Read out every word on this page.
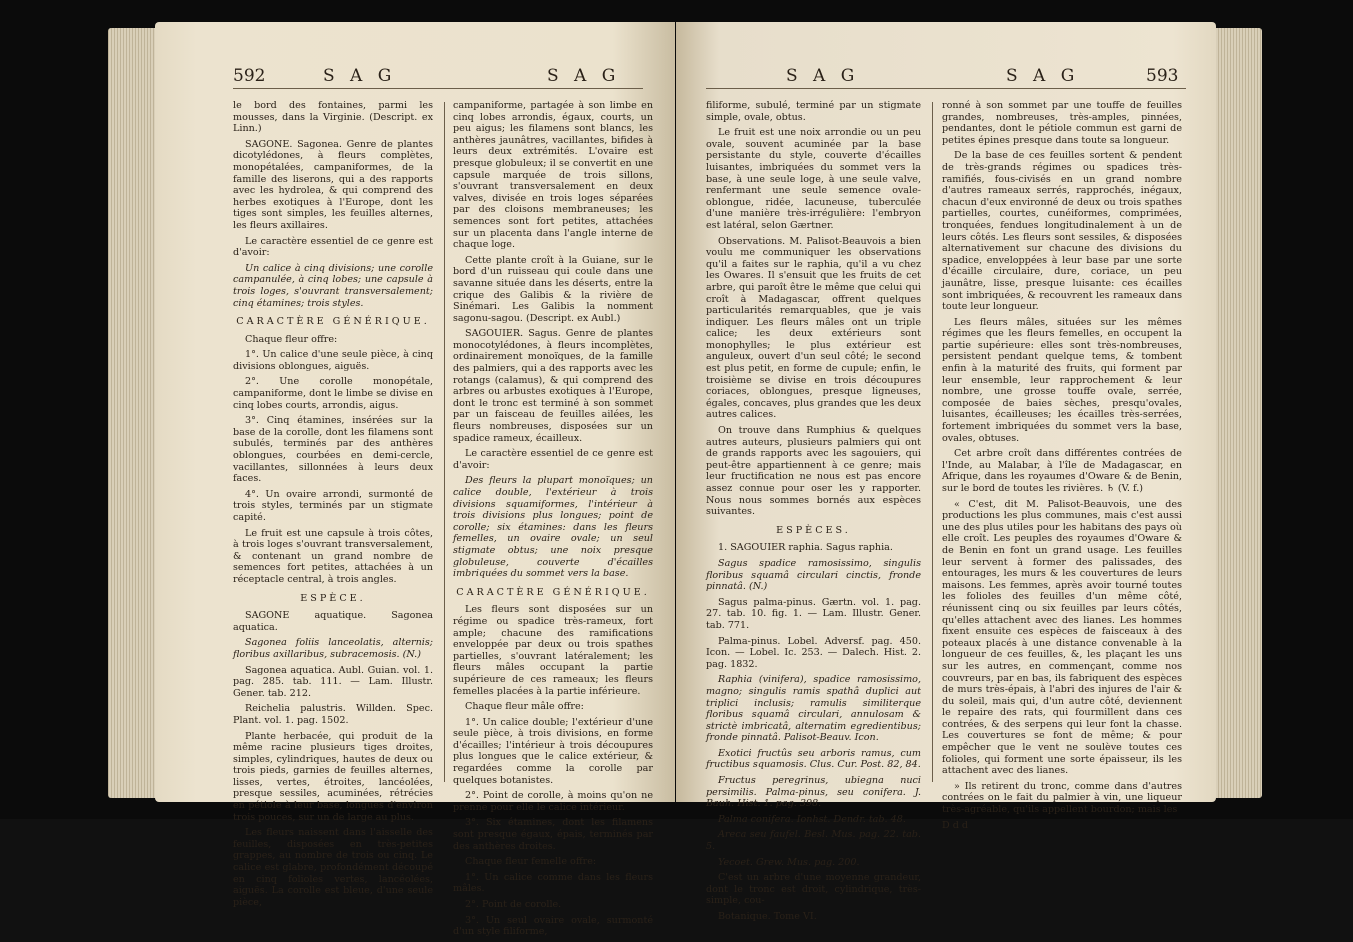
592	S A G	S A G

le bord des fontaines, parmi les mousses, dans la Virginie. (Descript. ex Linn.)

SAGONE. Sagonea. Genre de plantes dicotylédones, à fleurs complètes, monopétalées, campaniformes, de la famille des liserons, qui a des rapports avec les hydrolea, & qui comprend des herbes exotiques à l'Europe, dont les tiges sont simples, les feuilles alternes, les fleurs axillaires.

Le caractère essentiel de ce genre est d'avoir:

Un calice à cinq divisions; une corolle campanulée, à cinq lobes; une capsule à trois loges, s'ouvrant transversalement; cinq étamines; trois styles.

CARACTÈRE GÉNÉRIQUE.

Chaque fleur offre:

1°. Un calice d'une seule pièce, à cinq divisions oblongues, aiguës.

2°. Une corolle monopétale, campaniforme, dont le limbe se divise en cinq lobes courts, arrondis, aigus.

3°. Cinq étamines, insérées sur la base de la corolle, dont les filamens sont subulés, terminés par des anthères oblongues, courbées en demi-cercle, vacillantes, sillonnées à leurs deux faces.

4°. Un ovaire arrondi, surmonté de trois styles, terminés par un stigmate capité.

Le fruit est une capsule à trois côtes, à trois loges s'ouvrant transversalement, & contenant un grand nombre de semences fort petites, attachées à un réceptacle central, à trois angles.

ESPÈCE.

SAGONE aquatique. Sagonea aquatica.

Sagonea foliis lanceolatis, alternis; floribus axillaribus, subracemosis. (N.)

Sagonea aquatica. Aubl. Guian. vol. 1. pag. 285. tab. 111. — Lam. Illustr. Gener. tab. 212.

Reichelia palustris. Willden. Spec. Plant. vol. 1. pag. 1502.

Plante herbacée, qui produit de la même racine plusieurs tiges droites, simples, cylindriques, hautes de deux ou trois pieds, garnies de feuilles alternes, lisses, vertes, étroites, lancéolées, presque sessiles, acuminées, rétrécies en pétiole à leur base, longues d'environ trois pouces, sur un de large au plus.

Les fleurs naissent dans l'aisselle des feuilles, disposées en très-petites grappes, au nombre de trois ou cinq. Le calice est glabre, profondément découpé en cinq folioles vertes, lancéolées, aiguës. La corolle est bleue, d'une seule pièce,

campaniforme, partagée à son limbe en cinq lobes arrondis, égaux, courts, un peu aigus; les filamens sont blancs, les anthères jaunâtres, vacillantes, bifides à leurs deux extrémités. L'ovaire est presque globuleux; il se convertit en une capsule marquée de trois sillons, s'ouvrant transversalement en deux valves, divisée en trois loges séparées par des cloisons membraneuses; les semences sont fort petites, attachées sur un placenta dans l'angle interne de chaque loge.

Cette plante croît à la Guiane, sur le bord d'un ruisseau qui coule dans une savanne située dans les déserts, entre la crique des Galibis & la rivière de Sinémari. Les Galibis la nomment sagonu-sagou. (Descript. ex Aubl.)

SAGOUIER. Sagus. Genre de plantes monocotylédones, à fleurs incomplètes, ordinairement monoïques, de la famille des palmiers, qui a des rapports avec les rotangs (calamus), & qui comprend des arbres ou arbustes exotiques à l'Europe, dont le tronc est terminé à son sommet par un faisceau de feuilles ailées, les fleurs nombreuses, disposées sur un spadice rameux, écailleux.

Le caractère essentiel de ce genre est d'avoir:

Des fleurs la plupart monoïques; un calice double, l'extérieur à trois divisions squamiformes, l'intérieur à trois divisions plus longues; point de corolle; six étamines: dans les fleurs femelles, un ovaire ovale; un seul stigmate obtus; une noix presque globuleuse, couverte d'écailles imbriquées du sommet vers la base.

CARACTÈRE GÉNÉRIQUE.

Les fleurs sont disposées sur un régime ou spadice très-rameux, fort ample; chacune des ramifications enveloppée par deux ou trois spathes partielles, s'ouvrant latéralement; les fleurs mâles occupant la partie supérieure de ces rameaux; les fleurs femelles placées à la partie inférieure.

Chaque fleur mâle offre:

1°. Un calice double; l'extérieur d'une seule pièce, à trois divisions, en forme d'écailles; l'intérieur à trois découpures plus longues que le calice extérieur, & regardées comme la corolle par quelques botanistes.

2°. Point de corolle, à moins qu'on ne prenne pour elle le calice intérieur.

3°. Six étamines, dont les filamens sont presque égaux, épais, terminés par des anthères droites.

Chaque fleur femelle offre:

1°. Un calice comme dans les fleurs mâles.

2°. Point de corolle.

3°. Un seul ovaire ovale, surmonté d'un style filiforme,

S A G	S A G	593

filiforme, subulé, terminé par un stigmate simple, ovale, obtus.

Le fruit est une noix arrondie ou un peu ovale, souvent acuminée par la base persistante du style, couverte d'écailles luisantes, imbriquées du sommet vers la base, à une seule loge, à une seule valve, renfermant une seule semence ovale-oblongue, ridée, lacuneuse, tuberculée d'une manière très-irrégulière: l'embryon est latéral, selon Gærtner.

Observations. M. Palisot-Beauvois a bien voulu me communiquer les observations qu'il a faites sur le raphia, qu'il a vu chez les Owares. Il s'ensuit que les fruits de cet arbre, qui paroît être le même que celui qui croît à Madagascar, offrent quelques particularités remarquables, que je vais indiquer. Les fleurs mâles ont un triple calice; les deux extérieurs sont monophylles; le plus extérieur est anguleux, ouvert d'un seul côté; le second est plus petit, en forme de cupule; enfin, le troisième se divise en trois découpures coriaces, oblongues, presque ligneuses, égales, concaves, plus grandes que les deux autres calices.

On trouve dans Rumphius & quelques autres auteurs, plusieurs palmiers qui ont de grands rapports avec les sagouiers, qui peut-être appartiennent à ce genre; mais leur fructification ne nous est pas encore assez connue pour oser les y rapporter. Nous nous sommes bornés aux espèces suivantes.

ESPÈCES.

1. SAGOUIER raphia. Sagus raphia.

Sagus spadice ramosissimo, singulis floribus squamâ circulari cinctis, frondе pinnatâ. (N.)

Sagus palma-pinus. Gærtn. vol. 1. pag. 27. tab. 10. fig. 1. — Lam. Illustr. Gener. tab. 771.

Palma-pinus. Lobel. Adversf. pag. 450. Icon. — Lobel. Ic. 253. — Dalech. Hist. 2. pag. 1832.

Raphia (vinifera), spadice ramosissimo, magno; singulis ramis spathâ duplici aut triplici inclusis; ramulis similiterque floribus squamâ circulari, annulosam & strictè imbricatâ, alternatim egredientibus; fronde pinnatâ. Palisot-Beauv. Icon.

Exotici fructûs seu arboris ramus, cum fructibus squamosis. Clus. Cur. Post. 82, 84.

Fructus peregrinus, ubiegna nuci persimilis. Palma-pinus, seu conifera. J. Bauh. Hist. 1. pag. 398.

Palma conifera. Ionhst. Dendr. tab. 48.

Areca seu faufel. Besl. Mus. pag. 22. tab. 5.

Yecoet. Grew. Mus. pag. 200.

C'est un arbre d'une moyenne grandeur, dont le tronc est droit, cylindrique, très-simple, cou-

Botanique. Tome VI.

ronné à son sommet par une touffe de feuilles grandes, nombreuses, très-amples, pinnées, pendantes, dont le pétiole commun est garni de petites épines presque dans toute sa longueur.

De la base de ces feuilles sortent & pendent de très-grands régimes ou spadices très-ramifiés, fous-civisés en un grand nombre d'autres rameaux serrés, rapprochés, inégaux, chacun d'eux environné de deux ou trois spathes partielles, courtes, cunéiformes, comprimées, tronquées, fendues longitudinalement à un de leurs côtés. Les fleurs sont sessiles, & disposées alternativement sur chacune des divisions du spadice, enveloppées à leur base par une sorte d'écaille circulaire, dure, coriace, un peu jaunâtre, lisse, presque luisante: ces écailles sont imbriquées, & recouvrent les rameaux dans toute leur longueur.

Les fleurs mâles, situées sur les mêmes régimes que les fleurs femelles, en occupent la partie supérieure: elles sont très-nombreuses, persistent pendant quelque tems, & tombent enfin à la maturité des fruits, qui forment par leur ensemble, leur rapprochement & leur nombre, une grosse touffe ovale, serrée, composée de baies sèches, presqu'ovales, luisantes, écailleuses; les écailles très-serrées, fortement imbriquées du sommet vers la base, ovales, obtuses.

Cet arbre croît dans différentes contrées de l'Inde, au Malabar, à l'île de Madagascar, en Afrique, dans les royaumes d'Oware & de Benin, sur le bord de toutes les rivières. ♄ (V. f.)

« C'est, dit M. Palisot-Beauvois, une des productions les plus communes, mais c'est aussi une des plus utiles pour les habitans des pays où elle croît. Les peuples des royaumes d'Oware & de Benin en font un grand usage. Les feuilles leur servent à former des palissades, des entourages, les murs & les couvertures de leurs maisons. Les femmes, après avoir tourné toutes les folioles des feuilles d'un même côté, réunissent cinq ou six feuilles par leurs côtés, qu'elles attachent avec des lianes. Les hommes fixent ensuite ces espèces de faisceaux à des poteaux placés à une distance convenable à la longueur de ces feuilles, &, les plaçant les uns sur les autres, en commençant, comme nos couvreurs, par en bas, ils fabriquent des espèces de murs très-épais, à l'abri des injures de l'air & du soleil, mais qui, d'un autre côté, deviennent le repaire des rats, qui fourmillent dans ces contrées, & des serpens qui leur font la chasse. Les couvertures se font de même; & pour empêcher que le vent ne soulève toutes ces folioles, qui forment une sorte épaisseur, ils les attachent avec des lianes.

» Ils retirent du tronc, comme dans d'autres contrées on le fait du palmier à vin, une liqueur très-agréable, qu'ils appellent bourdon; mais les

D d d
